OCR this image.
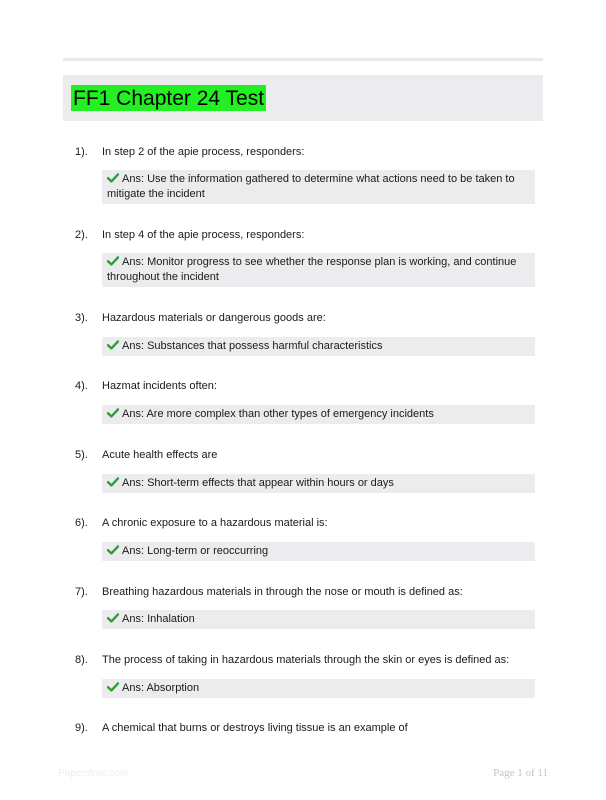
FF1 Chapter 24 Test
1). In step 2 of the apie process, responders:
Ans: Use the information gathered to determine what actions need to be taken to mitigate the incident
2). In step 4 of the apie process, responders:
Ans: Monitor progress to see whether the response plan is working, and continue throughout the incident
3). Hazardous materials or dangerous goods are:
Ans: Substances that possess harmful characteristics
4). Hazmat incidents often:
Ans: Are more complex than other types of emergency incidents
5). Acute health effects are
Ans: Short-term effects that appear within hours or days
6). A chronic exposure to a hazardous material is:
Ans: Long-term or reoccurring
7). Breathing hazardous materials in through the nose or mouth is defined as:
Ans: Inhalation
8). The process of taking in hazardous materials through the skin or eyes is defined as:
Ans: Absorption
9). A chemical that burns or destroys living tissue is an example of
Paperstrac.com	Page 1 of 11
